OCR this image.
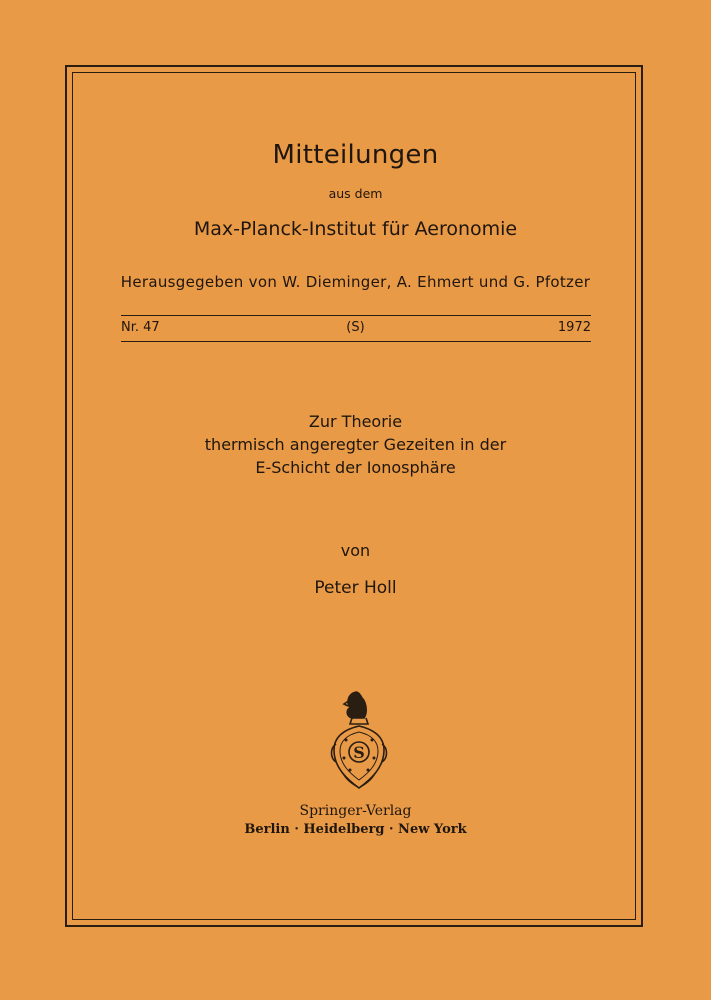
Mitteilungen
aus dem
Max-Planck-Institut für Aeronomie
Herausgegeben von W. Dieminger, A. Ehmert und G. Pfotzer
Nr. 47	(S)	1972
Zur Theorie
thermisch angeregter Gezeiten in der
E-Schicht der Ionosphäre
von
Peter Holl
S
Springer-Verlag
Berlin · Heidelberg · New York
